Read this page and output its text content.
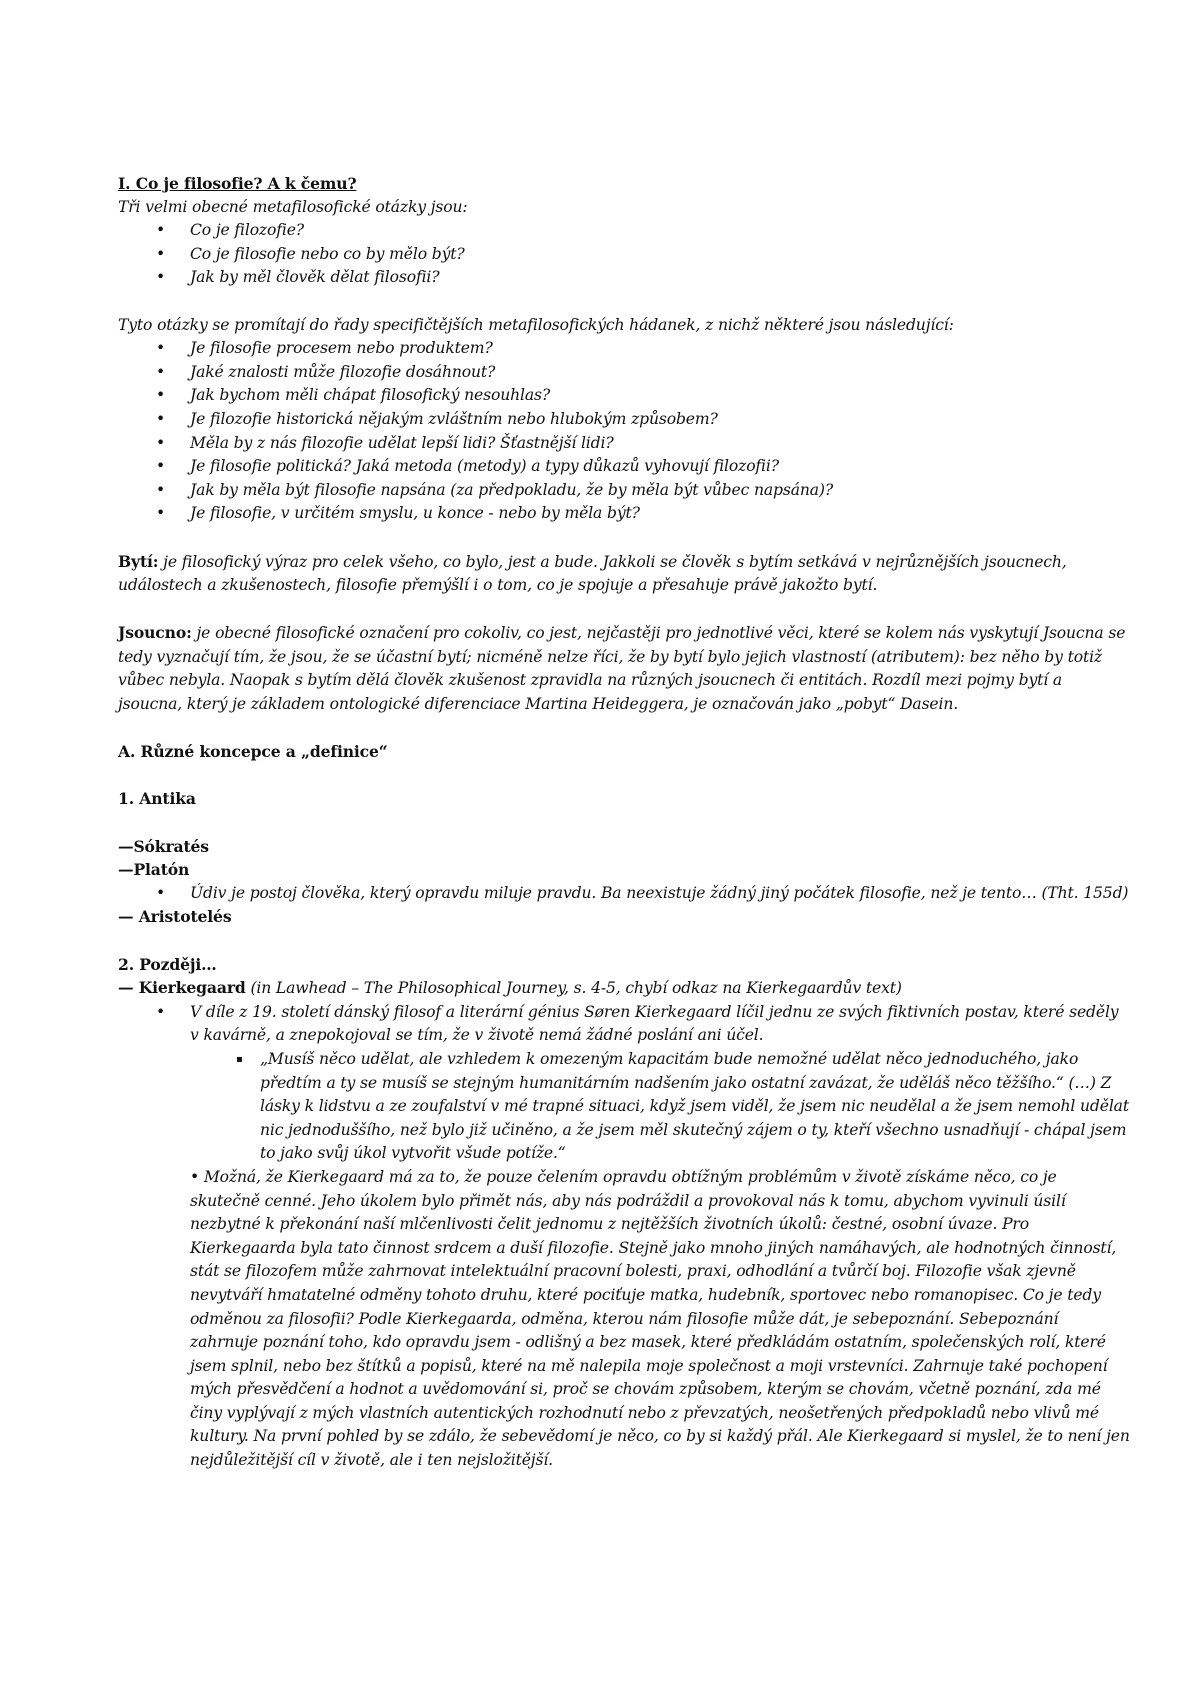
I. Co je filosofie? A k čemu?

Tři velmi obecné metafilosofické otázky jsou:

• Co je filozofie?
• Co je filosofie nebo co by mělo být?
• Jak by měl člověk dělat filosofii?

Tyto otázky se promítají do řady specifičtějších metafilosofických hádanek, z nichž některé jsou následující:

• Je filosofie procesem nebo produktem?
• Jaké znalosti může filozofie dosáhnout?
• Jak bychom měli chápat filosofický nesouhlas?
• Je filozofie historická nějakým zvláštním nebo hlubokým způsobem?
• Měla by z nás filozofie udělat lepší lidi? Šťastnější lidi?
• Je filosofie politická? Jaká metoda (metody) a typy důkazů vyhovují filozofii?
• Jak by měla být filosofie napsána (za předpokladu, že by měla být vůbec napsána)?
• Je filosofie, v určitém smyslu, u konce - nebo by měla být?

Bytí: je filosofický výraz pro celek všeho, co bylo, jest a bude. Jakkoli se člověk s bytím setkává v nejrůznějších jsoucnech, událostech a zkušenostech, filosofie přemýšlí i o tom, co je spojuje a přesahuje právě jakožto bytí.

Jsoucno: je obecné filosofické označení pro cokoliv, co jest, nejčastěji pro jednotlivé věci, které se kolem nás vyskytují Jsoucna se tedy vyznačují tím, že jsou, že se účastní bytí; nicméně nelze říci, že by bytí bylo jejich vlastností (atributem): bez něho by totiž vůbec nebyla. Naopak s bytím dělá člověk zkušenost zpravidla na různých jsoucnech či entitách. Rozdíl mezi pojmy bytí a jsoucna, který je základem ontologické diferenciace Martina Heideggera, je označován jako „pobyt“ Dasein.

A. Různé koncepce a „definice“

1. Antika

—Sókratés

—Platón

• Údiv je postoj člověka, který opravdu miluje pravdu. Ba neexistuje žádný jiný počátek filosofie, než je tento… (Tht. 155d)

— Aristotelés

2. Později…

— Kierkegaard (in Lawhead – The Philosophical Journey, s. 4-5, chybí odkaz na Kierkegaardův text)

• V díle z 19. století dánský filosof a literární génius Søren Kierkegaard líčil jednu ze svých fiktivních postav, které seděly v kavárně, a znepokojoval se tím, že v životě nemá žádné poslání ani účel.
▪ „Musíš něco udělat, ale vzhledem k omezeným kapacitám bude nemožné udělat něco jednoduchého, jako předtím a ty se musíš se stejným humanitárním nadšením jako ostatní zavázat, že uděláš něco těžšího.“ (…) Z lásky k lidstvu a ze zoufalství v mé trapné situaci, když jsem viděl, že jsem nic neudělal a že jsem nemohl udělat nic jednoduššího, než bylo již učiněno, a že jsem měl skutečný zájem o ty, kteří všechno usnadňují - chápal jsem to jako svůj úkol vytvořit všude potíže.“
• Možná, že Kierkegaard má za to, že pouze čelením opravdu obtížným problémům v životě získáme něco, co je skutečně cenné. Jeho úkolem bylo přimět nás, aby nás podráždil a provokoval nás k tomu, abychom vyvinuli úsilí nezbytné k překonání naší mlčenlivosti čelit jednomu z nejtěžších životních úkolů: čestné, osobní úvaze. Pro Kierkegaarda byla tato činnost srdcem a duší filozofie. Stejně jako mnoho jiných namáhavých, ale hodnotných činností, stát se filozofem může zahrnovat intelektuální pracovní bolesti, praxi, odhodlání a tvůrčí boj. Filozofie však zjevně nevytváří hmatatelné odměny tohoto druhu, které pociťuje matka, hudebník, sportovec nebo romanopisec. Co je tedy odměnou za filosofii? Podle Kierkegaarda, odměna, kterou nám filosofie může dát, je sebepoznání. Sebepoznání zahrnuje poznání toho, kdo opravdu jsem - odlišný a bez masek, které předkládám ostatním, společenských rolí, které jsem splnil, nebo bez štítků a popisů, které na mě nalepila moje společnost a moji vrstevníci. Zahrnuje také pochopení mých přesvědčení a hodnot a uvědomování si, proč se chovám způsobem, kterým se chovám, včetně poznání, zda mé činy vyplývají z mých vlastních autentických rozhodnutí nebo z převzatých, neošetřených předpokladů nebo vlivů mé kultury. Na první pohled by se zdálo, že sebevědomí je něco, co by si každý přál. Ale Kierkegaard si myslel, že to není jen nejdůležitější cíl v životě, ale i ten nejsložitější.
